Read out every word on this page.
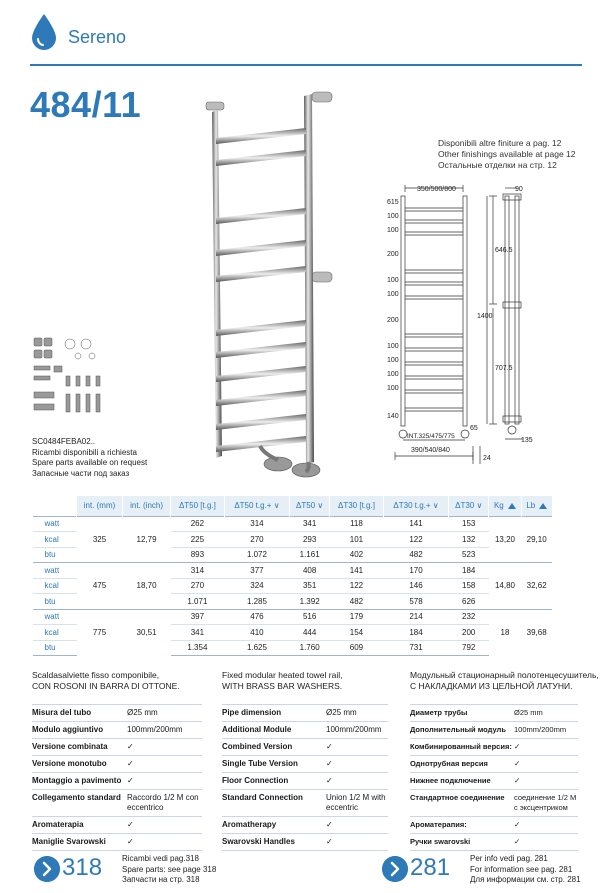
Sereno
484/11
Disponibili altre finiture a pag. 12
Other finishings available at page 12
Остальные отделки на стр. 12
350/500/800	90
615
100
100
200
100
100
200
100
100
100
100
140
646.5
1400
707.5
65
INT.325/475/775
135
390/540/840
24
SC0484FEBA02..
Ricambi disponibili a richiesta
Spare parts available on request
Запасные части под заказ
	int. (mm)	int. (inch)	ΔT50 [t.g.]	ΔT50 t.g.+ ∨	ΔT50 ∨	ΔT30 [t.g.]	ΔT30 t.g.+ ∨	ΔT30 ∨	Kg	Lb
watt	325	12,79	262	314	341	118	141	153	13,20	29,10
kcal			225	270	293	101	122	132		
btu			893	1.072	1.161	402	482	523		
watt	475	18,70	314	377	408	141	170	184	14,80	32,62
kcal			270	324	351	122	146	158		
btu			1.071	1.285	1.392	482	578	626		
watt	775	30,51	397	476	516	179	214	232	18	39,68
kcal			341	410	444	154	184	200		
btu			1.354	1.625	1.760	609	731	792		
Scaldasalviette fisso componibile,
CON ROSONI IN BARRA DI OTTONE.
Misura del tubo	Ø25 mm
Modulo aggiuntivo	100mm/200mm
Versione combinata	✓
Versione monotubo	✓
Montaggio a pavimento	✓
Collegamento standard	Raccordo 1/2 M con eccentrico
Aromaterapia	✓
Maniglie Svarowski	✓
Fixed modular heated towel rail,
WITH BRASS BAR WASHERS.
Pipe dimension	Ø25 mm
Additional Module	100mm/200mm
Combined Version	✓
Single Tube Version	✓
Floor Connection	✓
Standard Connection	Union 1/2 M with eccentric
Aromatherapy	✓
Swarovski Handles	✓
Модульный стационарный полотенцесушитель,
С НАКЛАДКАМИ ИЗ ЦЕЛЬНОЙ ЛАТУНИ.
Диаметр трубы	Ø25 mm
Дополнительный модуль	100mm/200mm
Комбинированный версия:	✓
Однотрубная версия	✓
Нижнее подключение	✓
Стандартное соединение	соединение 1/2 M с эксцентриком
Ароматерапия:	✓
Ручки swarovski	✓
318 Ricambi vedi pag.318
Spare parts: see page 318
Запчасти на стр. 318	281 Per info vedi pag. 281
For information see pag. 281
Для информации см. стр. 281
